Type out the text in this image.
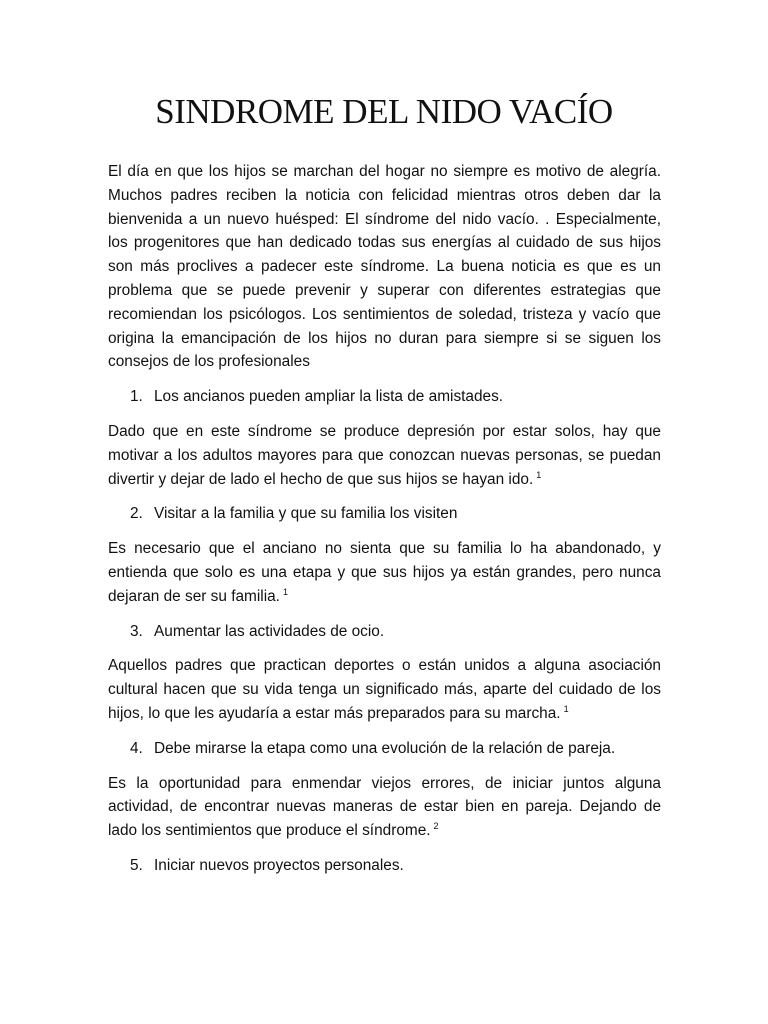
SINDROME DEL NIDO VACÍO

El día en que los hijos se marchan del hogar no siempre es motivo de alegría. Muchos padres reciben la noticia con felicidad mientras otros deben dar la bienvenida a un nuevo huésped: El síndrome del nido vacío. . Especialmente, los progenitores que han dedicado todas sus energías al cuidado de sus hijos son más proclives a padecer este síndrome. La buena noticia es que es un problema que se puede prevenir y superar con diferentes estrategias que recomiendan los psicólogos. Los sentimientos de soledad, tristeza y vacío que origina la emancipación de los hijos no duran para siempre si se siguen los consejos de los profesionales

1. Los ancianos pueden ampliar la lista de amistades.

Dado que en este síndrome se produce depresión por estar solos, hay que motivar a los adultos mayores para que conozcan nuevas personas, se puedan divertir y dejar de lado el hecho de que sus hijos se hayan ido. $^1$

2. Visitar a la familia y que su familia los visiten

Es necesario que el anciano no sienta que su familia lo ha abandonado, y entienda que solo es una etapa y que sus hijos ya están grandes, pero nunca dejaran de ser su familia. $^1$

3. Aumentar las actividades de ocio.

Aquellos padres que practican deportes o están unidos a alguna asociación cultural hacen que su vida tenga un significado más, aparte del cuidado de los hijos, lo que les ayudaría a estar más preparados para su marcha. $^1$

4. Debe mirarse la etapa como una evolución de la relación de pareja.

Es la oportunidad para enmendar viejos errores, de iniciar juntos alguna actividad, de encontrar nuevas maneras de estar bien en pareja. Dejando de lado los sentimientos que produce el síndrome. $^2$

5. Iniciar nuevos proyectos personales.
